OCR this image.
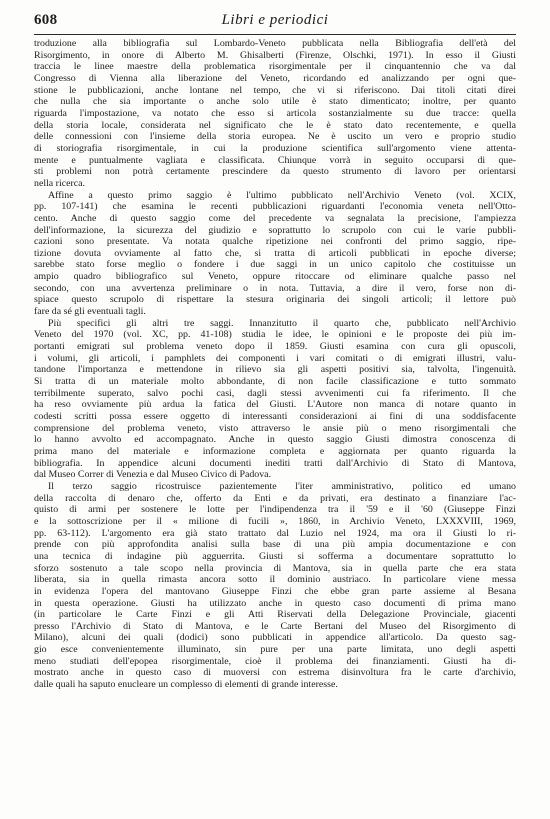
608	Libri e periodici
troduzione alla bibliografia sul Lombardo-Veneto pubblicata nella Bibliografia dell'età del
Risorgimento, in onore di Alberto M. Ghisalberti (Firenze, Olschki, 1971). In esso il Giusti
traccia le linee maestre della problematica risorgimentale per il cinquantennio che va dal
Congresso di Vienna alla liberazione del Veneto, ricordando ed analizzando per ogni que-
stione le pubblicazioni, anche lontane nel tempo, che vi si riferiscono. Dai titoli citati direi
che nulla che sia importante o anche solo utile è stato dimenticato; inoltre, per quanto
riguarda l'impostazione, va notato che esso si articola sostanzialmente su due tracce: quella
della storia locale, considerata nel significato che le è stato dato recentemente, e quella
delle connessioni con l'insieme della storia europea. Ne è uscito un vero e proprio studio
di storiografia risorgimentale, in cui la produzione scientifica sull'argomento viene attenta-
mente e puntualmente vagliata e classificata. Chiunque vorrà in seguito occuparsi di que-
sti problemi non potrà certamente prescindere da questo strumento di lavoro per orientarsi
nella ricerca.
Affine a questo primo saggio è l'ultimo pubblicato nell'Archivio Veneto (vol. XCIX,
pp. 107-141) che esamina le recenti pubblicazioni riguardanti l'economia veneta nell'Otto-
cento. Anche di questo saggio come del precedente va segnalata la precisione, l'ampiezza
dell'informazione, la sicurezza del giudizio e soprattutto lo scrupolo con cui le varie pubbli-
cazioni sono presentate. Va notata qualche ripetizione nei confronti del primo saggio, ripe-
tizione dovuta ovviamente al fatto che, si tratta di articoli pubblicati in epoche diverse;
sarebbe stato forse meglio o fondere i due saggi in un unico capitolo che costituisse un
ampio quadro bibliografico sul Veneto, oppure ritoccare od eliminare qualche passo nel
secondo, con una avvertenza preliminare o in nota. Tuttavia, a dire il vero, forse non di-
spiace questo scrupolo di rispettare la stesura originaria dei singoli articoli; il lettore può
fare da sé gli eventuali tagli.
Più specifici gli altri tre saggi. Innanzitutto il quarto che, pubblicato nell'Archivio
Veneto del 1970 (vol. XC, pp. 41-108) studia le idee, le opinioni e le proposte dei più im-
portanti emigrati sul problema veneto dopo il 1859. Giusti esamina con cura gli opuscoli,
i volumi, gli articoli, i pamphlets dei componenti i vari comitati o di emigrati illustri, valu-
tandone l'importanza e mettendone in rilievo sia gli aspetti positivi sia, talvolta, l'ingenuità.
Si tratta di un materiale molto abbondante, di non facile classificazione e tutto sommato
terribilmente superato, salvo pochi casi, dagli stessi avvenimenti cui fa riferimento. Il che
ha reso ovviamente più ardua la fatica del Giusti. L'Autore non manca di notare quanto in
codesti scritti possa essere oggetto di interessanti considerazioni ai fini di una soddisfacente
comprensione del problema veneto, visto attraverso le ansie più o meno risorgimentali che
lo hanno avvolto ed accompagnato. Anche in questo saggio Giusti dimostra conoscenza di
prima mano del materiale e informazione completa e aggiornata per quanto riguarda la
bibliografia. In appendice alcuni documenti inediti tratti dall'Archivio di Stato di Mantova,
dal Museo Correr di Venezia e dal Museo Civico di Padova.
Il terzo saggio ricostruisce pazientemente l'iter amministrativo, politico ed umano
della raccolta di denaro che, offerto da Enti e da privati, era destinato a finanziare l'ac-
quisto di armi per sostenere le lotte per l'indipendenza tra il '59 e il '60 (Giuseppe Finzi
e la sottoscrizione per il « milione di fucili », 1860, in Archivio Veneto, LXXXVIII, 1969,
pp. 63-112). L'argomento era già stato trattato dal Luzio nel 1924, ma ora il Giusti lo ri-
prende con più approfondita analisi sulla base di una più ampia documentazione e con
una tecnica di indagine più agguerrita. Giusti si sofferma a documentare soprattutto lo
sforzo sostenuto a tale scopo nella provincia di Mantova, sia in quella parte che era stata
liberata, sia in quella rimasta ancora sotto il dominio austriaco. In particolare viene messa
in evidenza l'opera del mantovano Giuseppe Finzi che ebbe gran parte assieme al Besana
in questa operazione. Giusti ha utilizzato anche in questo caso documenti di prima mano
(in particolare le Carte Finzi e gli Atti Riservati della Delegazione Provinciale, giacenti
presso l'Archivio di Stato di Mantova, e le Carte Bertani del Museo del Risorgimento di
Milano), alcuni dei quali (dodici) sono pubblicati in appendice all'articolo. Da questo sag-
gio esce convenientemente illuminato, sin pure per una parte limitata, uno degli aspetti
meno studiati dell'epopea risorgimentale, cioè il problema dei finanziamenti. Giusti ha di-
mostrato anche in questo caso di muoversi con estrema disinvoltura fra le carte d'archivio,
dalle quali ha saputo enucleare un complesso di elementi di grande interesse.
